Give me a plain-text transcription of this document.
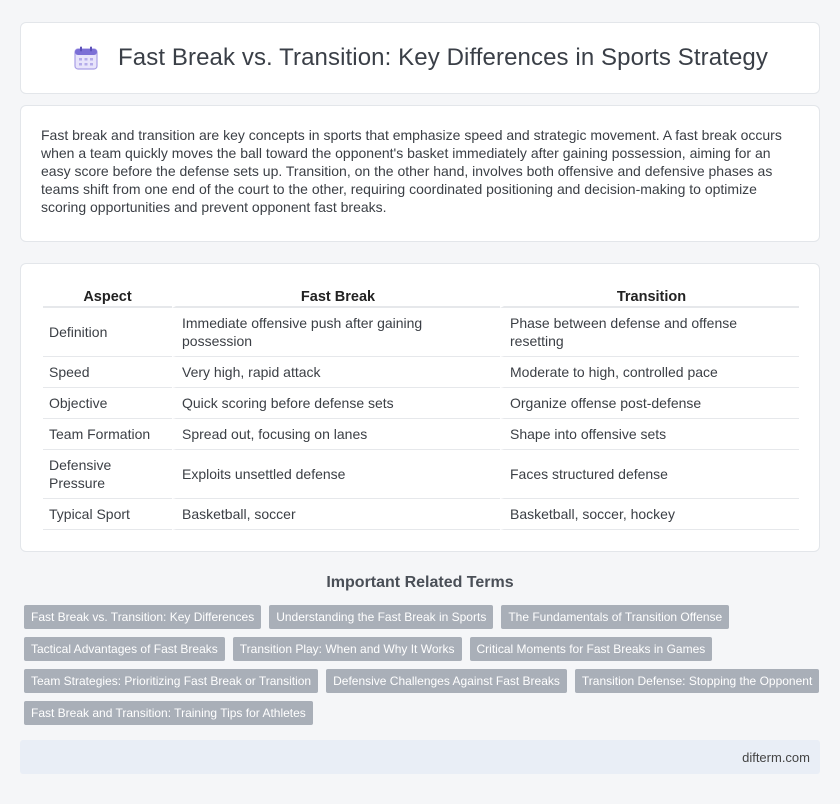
Fast Break vs. Transition: Key Differences in Sports Strategy

Fast break and transition are key concepts in sports that emphasize speed and strategic movement. A fast break occurs when a team quickly moves the ball toward the opponent's basket immediately after gaining possession, aiming for an easy score before the defense sets up. Transition, on the other hand, involves both offensive and defensive phases as teams shift from one end of the court to the other, requiring coordinated positioning and decision-making to optimize scoring opportunities and prevent opponent fast breaks.

Aspect	Fast Break	Transition
Definition	Immediate offensive push after gaining possession	Phase between defense and offense resetting
Speed	Very high, rapid attack	Moderate to high, controlled pace
Objective	Quick scoring before defense sets	Organize offense post-defense
Team Formation	Spread out, focusing on lanes	Shape into offensive sets
Defensive Pressure	Exploits unsettled defense	Faces structured defense
Typical Sport	Basketball, soccer	Basketball, soccer, hockey
Important Related Terms
Fast Break vs. Transition: Key Differences	Understanding the Fast Break in Sports	The Fundamentals of Transition Offense
Tactical Advantages of Fast Breaks	Transition Play: When and Why It Works	Critical Moments for Fast Breaks in Games
Team Strategies: Prioritizing Fast Break or Transition	Defensive Challenges Against Fast Breaks	Transition Defense: Stopping the Opponent
Fast Break and Transition: Training Tips for Athletes
difterm.com
